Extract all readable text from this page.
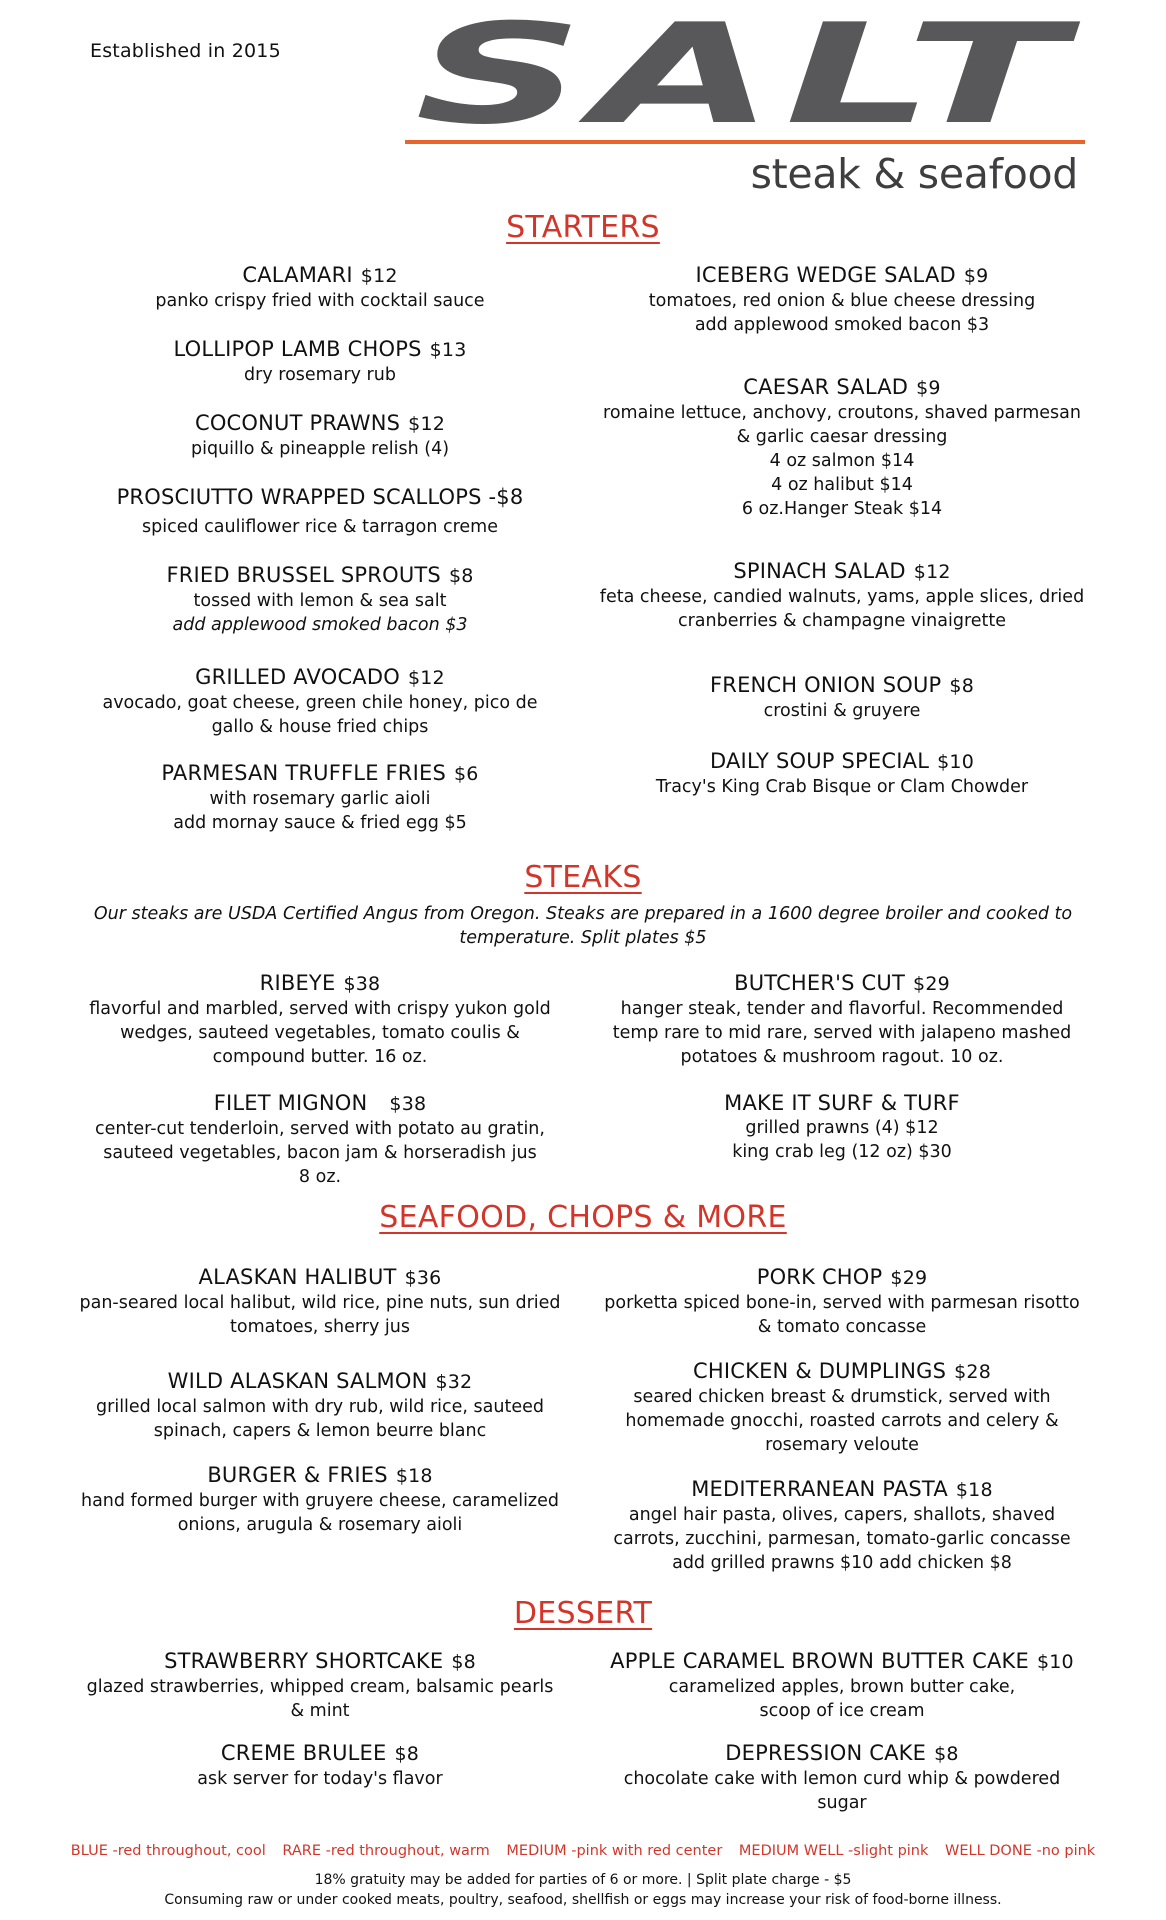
Established in 2015 SALT
steak & seafood
STARTERS
STEAKS
SEAFOOD, CHOPS & MORE
DESSERT
CALAMARI $12
panko crispy fried with cocktail sauce
LOLLIPOP LAMB CHOPS $13
dry rosemary rub
COCONUT PRAWNS $12
piquillo & pineapple relish (4)
PROSCIUTTO WRAPPED SCALLOPS -$8
spiced cauliflower rice & tarragon creme
FRIED BRUSSEL SPROUTS $8
tossed with lemon & sea salt
add applewood smoked bacon $3
GRILLED AVOCADO $12
avocado, goat cheese, green chile honey, pico de
gallo & house fried chips
PARMESAN TRUFFLE FRIES $6
with rosemary garlic aioli
add mornay sauce & fried egg $5
ICEBERG WEDGE SALAD $9
tomatoes, red onion & blue cheese dressing
add applewood smoked bacon $3
CAESAR SALAD $9
romaine lettuce, anchovy, croutons, shaved parmesan
& garlic caesar dressing
4 oz salmon $14
4 oz halibut $14
6 oz.Hanger Steak $14
SPINACH SALAD $12
feta cheese, candied walnuts, yams, apple slices, dried
cranberries & champagne vinaigrette
FRENCH ONION SOUP $8
crostini & gruyere
DAILY SOUP SPECIAL $10
Tracy's King Crab Bisque or Clam Chowder
Our steaks are USDA Certified Angus from Oregon. Steaks are prepared in a 1600 degree broiler and cooked to
temperature. Split plates $5
RIBEYE $38
flavorful and marbled, served with crispy yukon gold
wedges, sauteed vegetables, tomato coulis &
compound butter. 16 oz.
FILET MIGNON $38
center-cut tenderloin, served with potato au gratin,
sauteed vegetables, bacon jam & horseradish jus
8 oz.
BUTCHER'S CUT $29
hanger steak, tender and flavorful. Recommended
temp rare to mid rare, served with jalapeno mashed
potatoes & mushroom ragout. 10 oz.
MAKE IT SURF & TURF
grilled prawns (4) $12
king crab leg (12 oz) $30
ALASKAN HALIBUT $36
pan-seared local halibut, wild rice, pine nuts, sun dried
tomatoes, sherry jus
WILD ALASKAN SALMON $32
grilled local salmon with dry rub, wild rice, sauteed
spinach, capers & lemon beurre blanc
BURGER & FRIES $18
hand formed burger with gruyere cheese, caramelized
onions, arugula & rosemary aioli
PORK CHOP $29
porketta spiced bone-in, served with parmesan risotto
& tomato concasse
CHICKEN & DUMPLINGS $28
seared chicken breast & drumstick, served with
homemade gnocchi, roasted carrots and celery &
rosemary veloute
MEDITERRANEAN PASTA $18
angel hair pasta, olives, capers, shallots, shaved
carrots, zucchini, parmesan, tomato-garlic concasse
add grilled prawns $10 add chicken $8
STRAWBERRY SHORTCAKE $8
glazed strawberries, whipped cream, balsamic pearls
& mint
CREME BRULEE $8
ask server for today's flavor
APPLE CARAMEL BROWN BUTTER CAKE $10
caramelized apples, brown butter cake,
scoop of ice cream
DEPRESSION CAKE $8
chocolate cake with lemon curd whip & powdered
sugar
BLUE -red throughout, cool RARE -red throughout, warm MEDIUM -pink with red center MEDIUM WELL -slight pink WELL DONE -no pink
18% gratuity may be added for parties of 6 or more. | Split plate charge - $5
Consuming raw or under cooked meats, poultry, seafood, shellfish or eggs may increase your risk of food-borne illness.
